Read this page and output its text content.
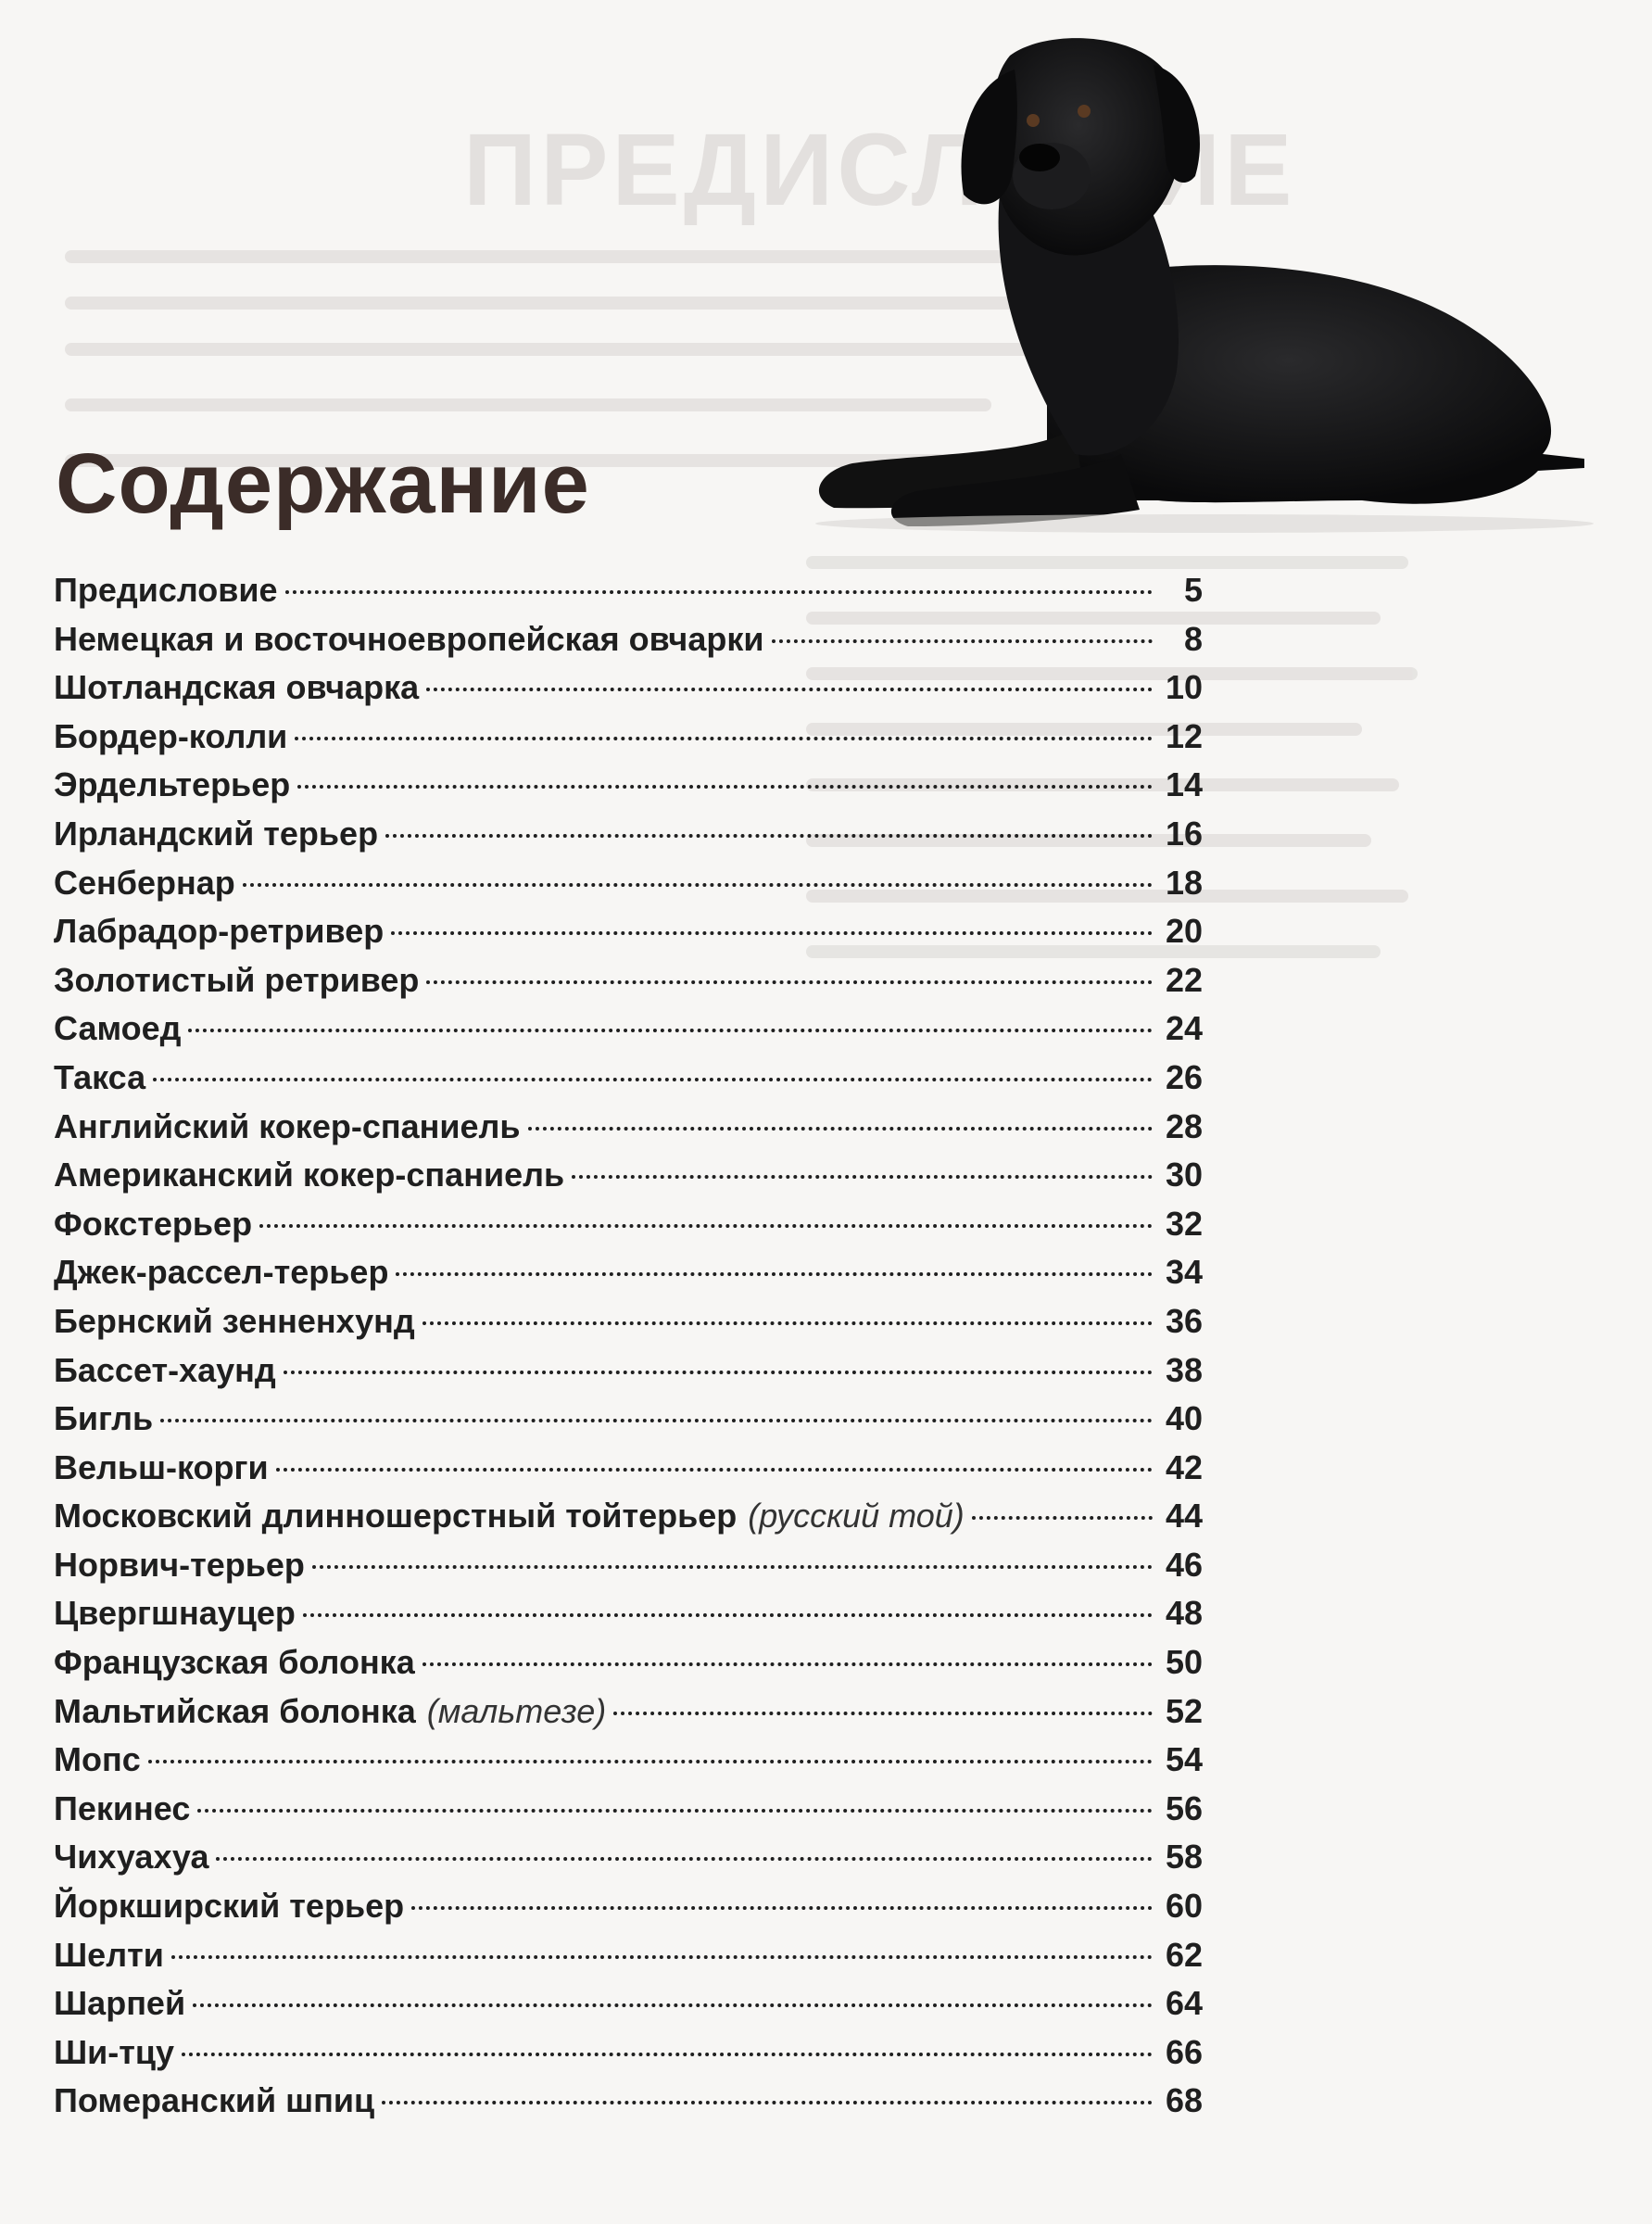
ПРЕДИСЛОВИЕ
Содержание
Предисловие	5
Немецкая и восточноевропейская овчарки	8
Шотландская овчарка	10
Бордер-колли	12
Эрдельтерьер	14
Ирландский терьер	16
Сенбернар	18
Лабрадор-ретривер	20
Золотистый ретривер	22
Самоед	24
Такса	26
Английский кокер-спаниель	28
Американский кокер-спаниель	30
Фокстерьер	32
Джек-рассел-терьер	34
Бернский зенненхунд	36
Бассет-хаунд	38
Бигль	40
Вельш-корги	42
Московский длинношерстный тойтерьер (русский той)	44
Норвич-терьер	46
Цвергшнауцер	48
Французская болонка	50
Мальтийская болонка (мальтезе)	52
Мопс	54
Пекинес	56
Чихуахуа	58
Йоркширский терьер	60
Шелти	62
Шарпей	64
Ши-тцу	66
Померанский шпиц	68
